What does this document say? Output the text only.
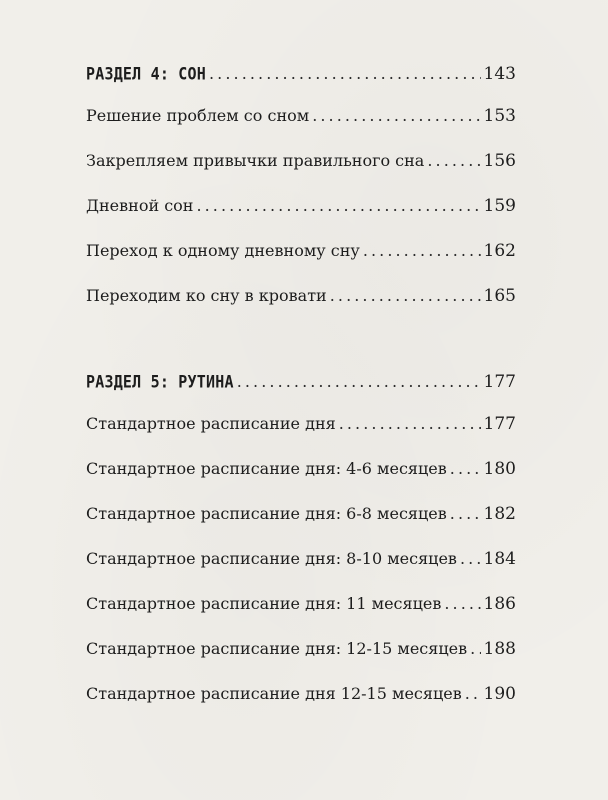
РАЗДЕЛ 4: СОН . . .	143
Решение проблем со сном . . .	153
Закрепляем привычки правильного сна . . .	156
Дневной сон . . .	159
Переход к одному дневному сну . . .	162
Переходим ко сну в кровати . . .	165
РАЗДЕЛ 5: РУТИНА . . .	177
Стандартное расписание дня . . .	177
Стандартное расписание дня: 4-6 месяцев . . . 180
Стандартное расписание дня: 6-8 месяцев . . . 182
Стандартное расписание дня: 8-10 месяцев . . . 184
Стандартное расписание дня: 11 месяцев . . . 186
Стандартное расписание дня: 12-15 месяцев . . . 188
Стандартное расписание дня 12-15 месяцев . . . 190
